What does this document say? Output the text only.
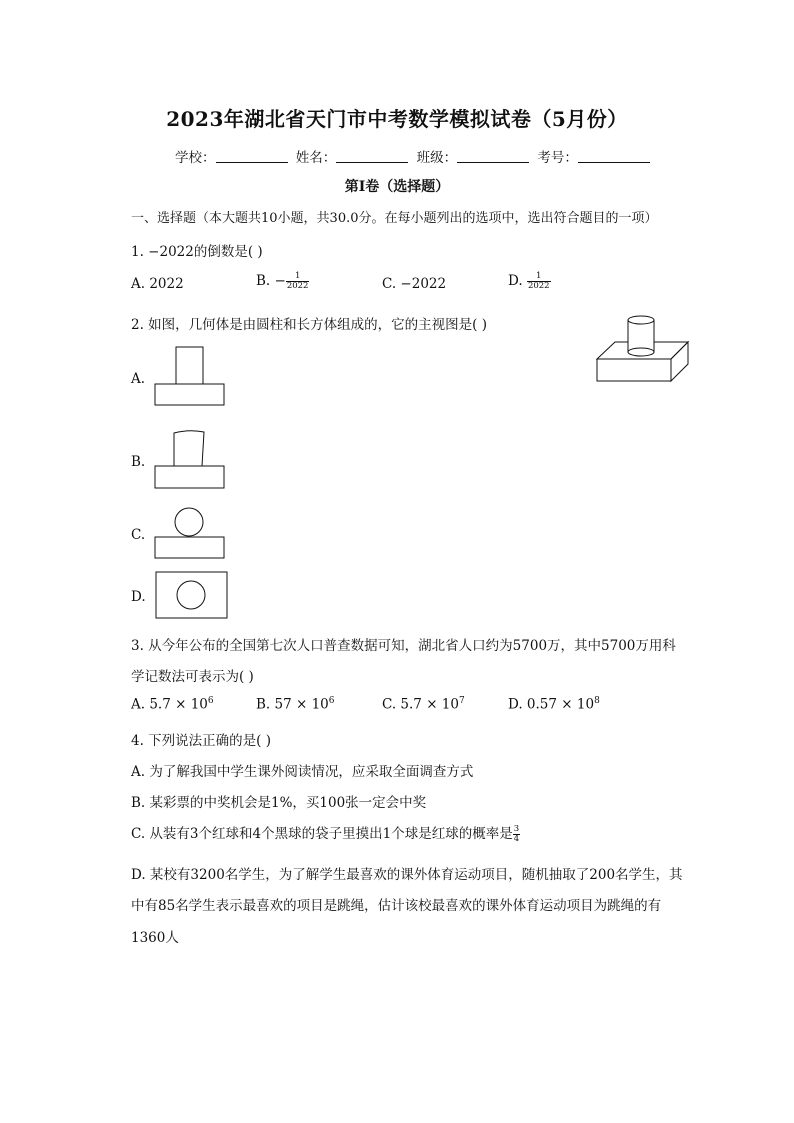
2023年湖北省天门市中考数学模拟试卷（5月份）
学校：	姓名：	班级：	考号：
第I卷（选择题）
一、选择题（本大题共10小题，共30.0分。在每小题列出的选项中，选出符合题目的一项）
1. −2022的倒数是( )
A. 2022	B. − $\frac{1}{2022}$	C. −2022	D. $\frac{1}{2022}$
2. 如图，几何体是由圆柱和长方体组成的，它的主视图是( )
A.
B.
C.
D.
3. 从今年公布的全国第七次人口普查数据可知，湖北省人口约为5700万，其中5700万用科
学记数法可表示为( )
A. $5.7 \times 10^6$	B. $57 \times 10^6$	C. $5.7 \times 10^7$	D. $0.57 \times 10^8$
4. 下列说法正确的是( )
A. 为了解我国中学生课外阅读情况，应采取全面调查方式
B. 某彩票的中奖机会是1%，买100张一定会中奖
C. 从装有3个红球和4个黑球的袋子里摸出1个球是红球的概率是 $\frac{3}{4}$
D. 某校有3200名学生，为了解学生最喜欢的课外体育运动项目，随机抽取了200名学生，其
中有85名学生表示最喜欢的项目是跳绳，估计该校最喜欢的课外体育运动项目为跳绳的有
1360人
